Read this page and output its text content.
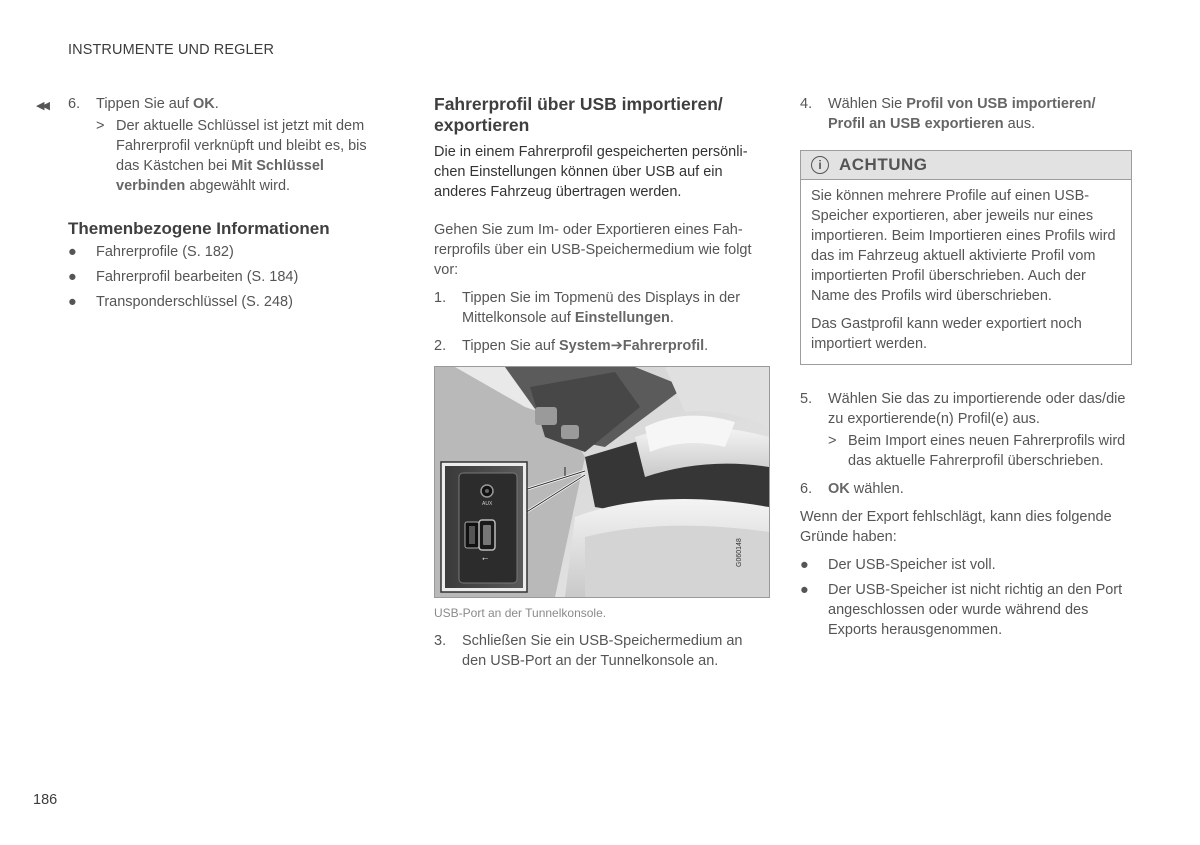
INSTRUMENTE UND REGLER
◀◀ 6. Tippen Sie auf OK.

> Der aktuelle Schlüssel ist jetzt mit dem Fahrerprofil verknüpft und bleibt es, bis das Kästchen bei Mit Schlüssel verbinden abgewählt wird.
Themenbezogene Informationen
● Fahrerprofile (S. 182)
● Fahrerprofil bearbeiten (S. 184)
● Transponderschlüssel (S. 248)
Fahrerprofil über USB importieren/ exportieren

Die in einem Fahrerprofil gespeicherten persönlichen Einstellungen können über USB auf ein anderes Fahrzeug übertragen werden.

Gehen Sie zum Im- oder Exportieren eines Fahrerprofils über ein USB-Speichermedium wie folgt vor:

1. Tippen Sie im Topmenü des Displays in der Mittelkonsole auf Einstellungen.

2. Tippen Sie auf System➔Fahrerprofil.

G060148
AUX
⭠
USB-Port an der Tunnelkonsole.

3. Schließen Sie ein USB-Speichermedium an den USB-Port an der Tunnelkonsole an.

4. Wählen Sie Profil von USB importieren/ Profil an USB exportieren aus.

i	ACHTUNG

Sie können mehrere Profile auf einen USB-Speicher exportieren, aber jeweils nur eines importieren. Beim Importieren eines Profils wird das im Fahrzeug aktuell aktivierte Profil vom importierten Profil überschrieben. Auch der Name des Profils wird überschrieben.

Das Gastprofil kann weder exportiert noch importiert werden.

5. Wählen Sie das zu importierende oder das/die zu exportierende(n) Profil(e) aus.

> Beim Import eines neuen Fahrerprofils wird das aktuelle Fahrerprofil überschrieben.

6. OK wählen.

Wenn der Export fehlschlägt, kann dies folgende Gründe haben:

● Der USB-Speicher ist voll.
● Der USB-Speicher ist nicht richtig an den Port angeschlossen oder wurde während des Exports herausgenommen.
186
